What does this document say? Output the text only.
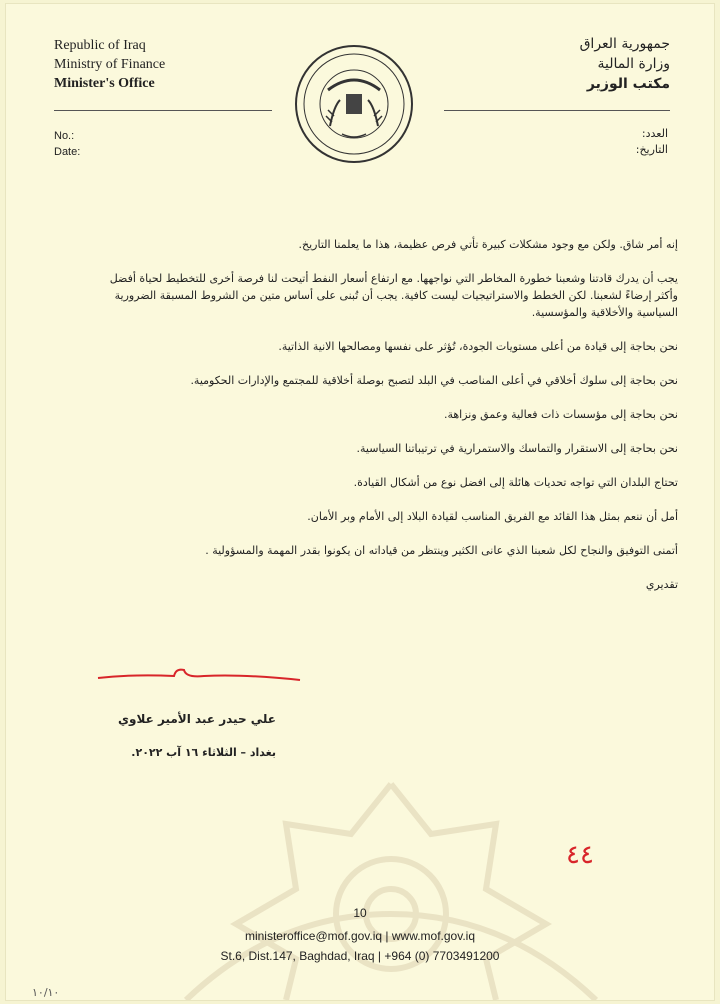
Republic of Iraq
Ministry of Finance
Minister's Office
جمهورية العراق
وزارة المالية
مكتب الوزير
No.:
Date:
العدد:
التاريخ:

إنه أمر شاق. ولكن مع وجود مشكلات كبيرة تأتي فرص عظيمة، هذا ما يعلمنا التاريخ.

يجب أن يدرك قادتنا وشعبنا خطورة المخاطر التي نواجهها. مع ارتفاع أسعار النفط أتيحت لنا فرصة أخرى للتخطيط لحياة أفضل وأكثر إرضاءً لشعبنا. لكن الخطط والاستراتيجيات ليست كافية. يجب أن تُبنى على أساس متين من الشروط المسبقة الضرورية السياسية والأخلاقية والمؤسسية.

نحن بحاجة إلى قيادة من أعلى مستويات الجودة، تُؤثر على نفسها ومصالحها الانية الذاتية.

نحن بحاجة إلى سلوك أخلاقي في أعلى المناصب في البلد لتصبح بوصلة أخلاقية للمجتمع والإدارات الحكومية.

نحن بحاجة إلى مؤسسات ذات فعالية وعمق ونزاهة.

نحن بحاجة إلى الاستقرار والتماسك والاستمرارية في ترتيباتنا السياسية.

تحتاج البلدان التي تواجه تحديات هائلة إلى افضل نوع من أشكال القيادة.

أمل أن ننعم بمثل هذا القائد مع الفريق المناسب لقيادة البلاد إلى الأمام وبر الأمان.

أتمنى التوفيق والنجاح لكل شعبنا الذي عانى الكثير وينتظر من قياداته ان يكونوا بقدر المهمة والمسؤولية .

تقديري

علي حيدر عبد الأمير علاوي
بغداد – الثلاثاء ١٦ آب ٢٠٢٢.
٤٤
10
ministeroffice@mof.gov.iq | www.mof.gov.iq
St.6, Dist.147, Baghdad, Iraq | +964 (0) 7703491200
١٠/١٠
